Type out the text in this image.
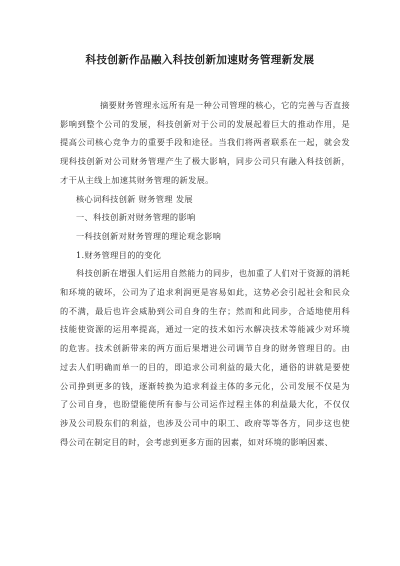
科技创新作品融入科技创新加速财务管理新发展

摘要财务管理永远所有是一种公司管理的核心，它的完善与否直接影响到整个公司的发展，科技创新对于公司的发展起着巨大的推动作用，是提高公司核心竞争力的重要手段和途径。当我们将两者联系在一起，就会发现科技创新对公司财务管理产生了极大影响，同步公司只有融入科技创新，才干从主线上加速其财务管理的新发展。

核心词科技创新 财务管理 发展

一、科技创新对财务管理的影响

一科技创新对财务管理的理论观念影响

1.财务管理目的的变化

科技创新在增强人们运用自然能力的同步，也加重了人们对于资源的消耗和环境的破坏，公司为了追求利润更是容易如此，这势必会引起社会和民众的不满，最后也许会威胁到公司自身的生存；然而和此同步，合适地使用科技能使资源的运用率提高，通过一定的技术如污水解决技术等能减少对环境的危害。技术创新带来的两方面后果增进公司调节自身的财务管理目的。由过去人们明确而单一的目的，即追求公司利益的最大化，通俗的讲就是要使公司挣到更多的钱，逐渐转换为追求利益主体的多元化，公司发展不仅是为了公司自身，也盼望能使所有参与公司运作过程主体的利益最大化，不仅仅涉及公司股东们的利益，也涉及公司中的职工、政府等等各方，同步这也使得公司在制定目的时，会考虑到更多方面的因素，如对环境的影响因素、
